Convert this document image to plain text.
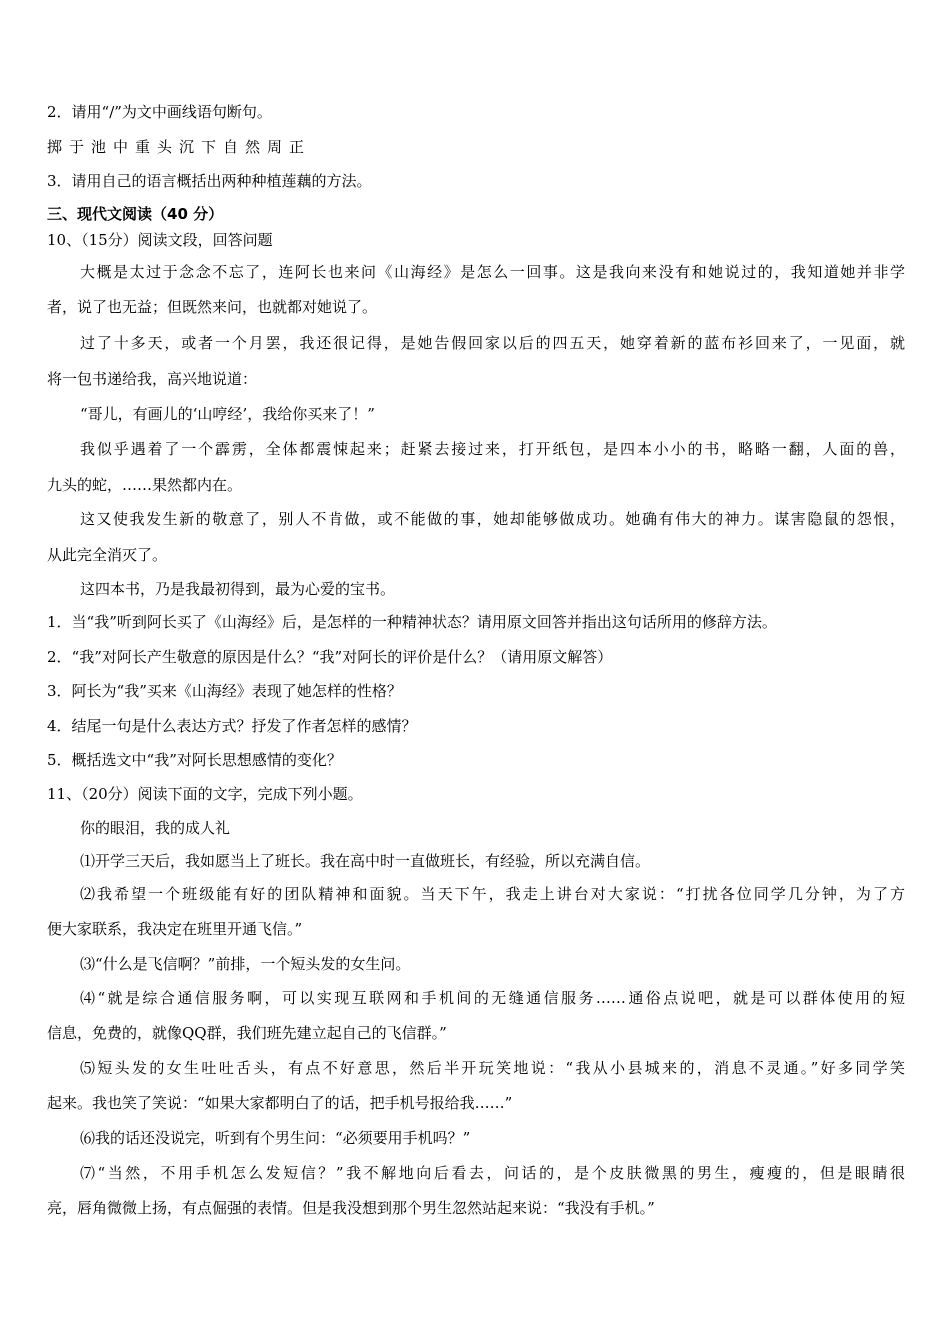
2．请用“/”为文中画线语句断句。
掷于池中重头沉下自然周正
3．请用自己的语言概括出两种种植莲藕的方法。
三、现代文阅读（40 分）
10、（15分）阅读文段，回答问题
大概是太过于念念不忘了，连阿长也来问《山海经》是怎么一回事。这是我向来没有和她说过的，我知道她并非学
者，说了也无益；但既然来问，也就都对她说了。
过了十多天，或者一个月罢，我还很记得，是她告假回家以后的四五天，她穿着新的蓝布衫回来了，一见面，就
将一包书递给我，高兴地说道：
“哥儿，有画儿的‘山哼经’，我给你买来了！”
我似乎遇着了一个霹雳，全体都震悚起来；赶紧去接过来，打开纸包，是四本小小的书，略略一翻，人面的兽，
九头的蛇，……果然都内在。
这又使我发生新的敬意了，别人不肯做，或不能做的事，她却能够做成功。她确有伟大的神力。谋害隐鼠的怨恨，
从此完全消灭了。
这四本书，乃是我最初得到，最为心爱的宝书。
1．当“我”听到阿长买了《山海经》后，是怎样的一种精神状态？请用原文回答并指出这句话所用的修辞方法。
2．“我”对阿长产生敬意的原因是什么？“我”对阿长的评价是什么？（请用原文解答）
3．阿长为“我”买来《山海经》表现了她怎样的性格？
4．结尾一句是什么表达方式？抒发了作者怎样的感情？
5．概括选文中“我”对阿长思想感情的变化？
11、（20分）阅读下面的文字，完成下列小题。
你的眼泪，我的成人礼
⑴开学三天后，我如愿当上了班长。我在高中时一直做班长，有经验，所以充满自信。
⑵我希望一个班级能有好的团队精神和面貌。当天下午，我走上讲台对大家说：“打扰各位同学几分钟，为了方
便大家联系，我决定在班里开通飞信。”
⑶“什么是飞信啊？”前排，一个短头发的女生问。
⑷“就是综合通信服务啊，可以实现互联网和手机间的无缝通信服务……通俗点说吧，就是可以群体使用的短
信息，免费的，就像QQ群，我们班先建立起自己的飞信群。”
⑸短头发的女生吐吐舌头，有点不好意思，然后半开玩笑地说：“我从小县城来的，消息不灵通。”好多同学笑
起来。我也笑了笑说：“如果大家都明白了的话，把手机号报给我……”
⑹我的话还没说完，听到有个男生问：“必须要用手机吗？”
⑺“当然，不用手机怎么发短信？”我不解地向后看去，问话的，是个皮肤微黑的男生，瘦瘦的，但是眼睛很
亮，唇角微微上扬，有点倔强的表情。但是我没想到那个男生忽然站起来说：“我没有手机。”
